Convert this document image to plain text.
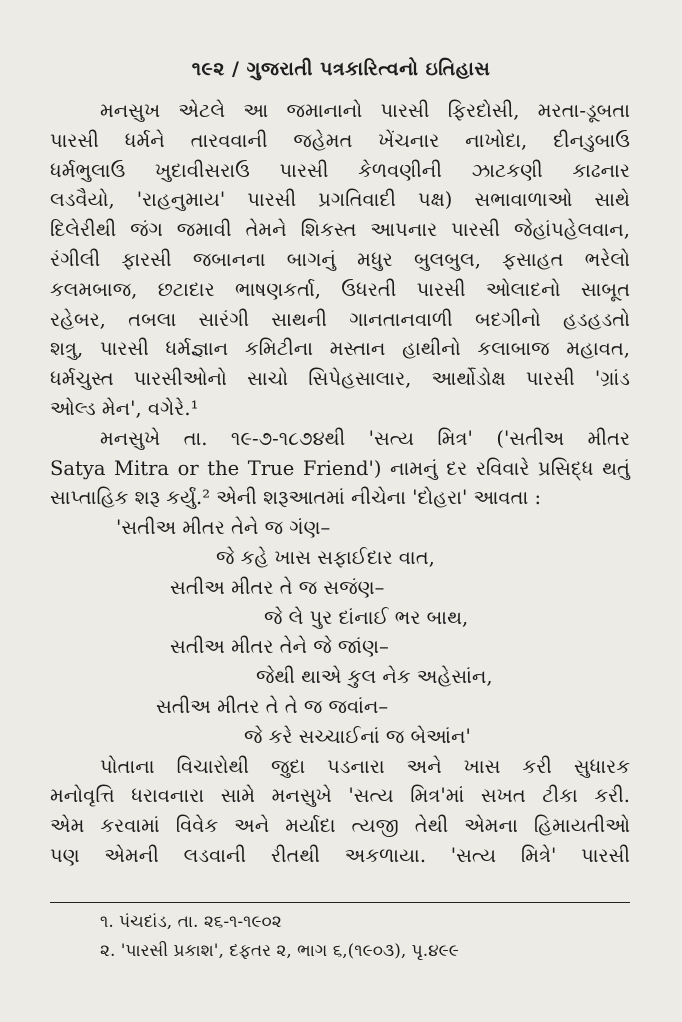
૧૯૨ / ગુજરાતી પત્રકારિત્વનો ઇતિહાસ
મનસુખ એટલે આ જમાનાનો પારસી ફિરદોસી, મરતા-ડૂબતા
પારસી ધર્મને તારવવાની જહેમત ખેંચનાર નાખોદા, દીનડુબાઉ
ધર્મભુલાઉ ખુદાવીસરાઉ પારસી કેળવણીની ઝાટકણી કાઢનાર
લડવૈયો, 'રાહનુમાય' પારસી પ્રગતિવાદી પક્ષ) સભાવાળાઓ સાથે
દિલેરીથી જંગ જમાવી તેમને શિકસ્ત આપનાર પારસી જેહાંપહેલવાન,
રંગીલી ફારસી જબાનના બાગનું મધુર બુલબુલ, ફસાહત ભરેલો
કલમબાજ, છટાદાર ભાષણકર્તા, ઉધરતી પારસી ઓલાદનો સાબૂત
રહેબર, તબલા સારંગી સાથની ગાનતાનવાળી બદગીનો હડહડતો
શત્રુ, પારસી ધર્મજ્ઞાન કમિટીના મસ્તાન હાથીનો કલાબાજ મહાવત,
ધર્મચુસ્ત પારસીઓનો સાચો સિપેહસાલાર, આર્થોડોક્ષ પારસી 'ગ્રાંડ
ઓલ્ડ મેન', વગેરે.¹
મનસુખે તા. ૧૯-૭-૧૮૭૪થી 'સત્ય મિત્ર' ('સતીઅ મીતર
Satya Mitra or the True Friend') નામનું દર રવિવારે પ્રસિદ્ધ થતું
સાપ્તાહિક શરૂ કર્યું.² એની શરૂઆતમાં નીચેના 'દોહરા' આવતા :
'સતીઅ મીતર તેને જ ગંણ–
જે કહે ખાસ સફાઈદાર વાત,
સતીઅ મીતર તે જ સજંણ–
જે લે પુર દાંનાઈ ભર બાથ,
સતીઅ મીતર તેને જે જાંણ–
જેથી થાએ કુલ નેક અહેસાંન,
સતીઅ મીતર તે તે જ જવાંન–
જે કરે સચ્ચાઈનાં જ બેઆંન'
પોતાના વિચારોથી જુદા પડનારા અને ખાસ કરી સુધારક
મનોવૃત્તિ ધરાવનારા સામે મનસુખે 'સત્ય મિત્ર'માં સખત ટીકા કરી.
એમ કરવામાં વિવેક અને મર્યાદા ત્યજી તેથી એમના હિમાયતીઓ
પણ એમની લડવાની રીતથી અકળાયા. 'સત્ય મિત્રે' પારસી
૧. પંચદાંડ, તા. ૨૬-૧-૧૯૦૨
૨. 'પારસી પ્રકાશ', દફતર ૨, ભાગ ૬,(૧૯૦૩), પૃ.૪૯૯
